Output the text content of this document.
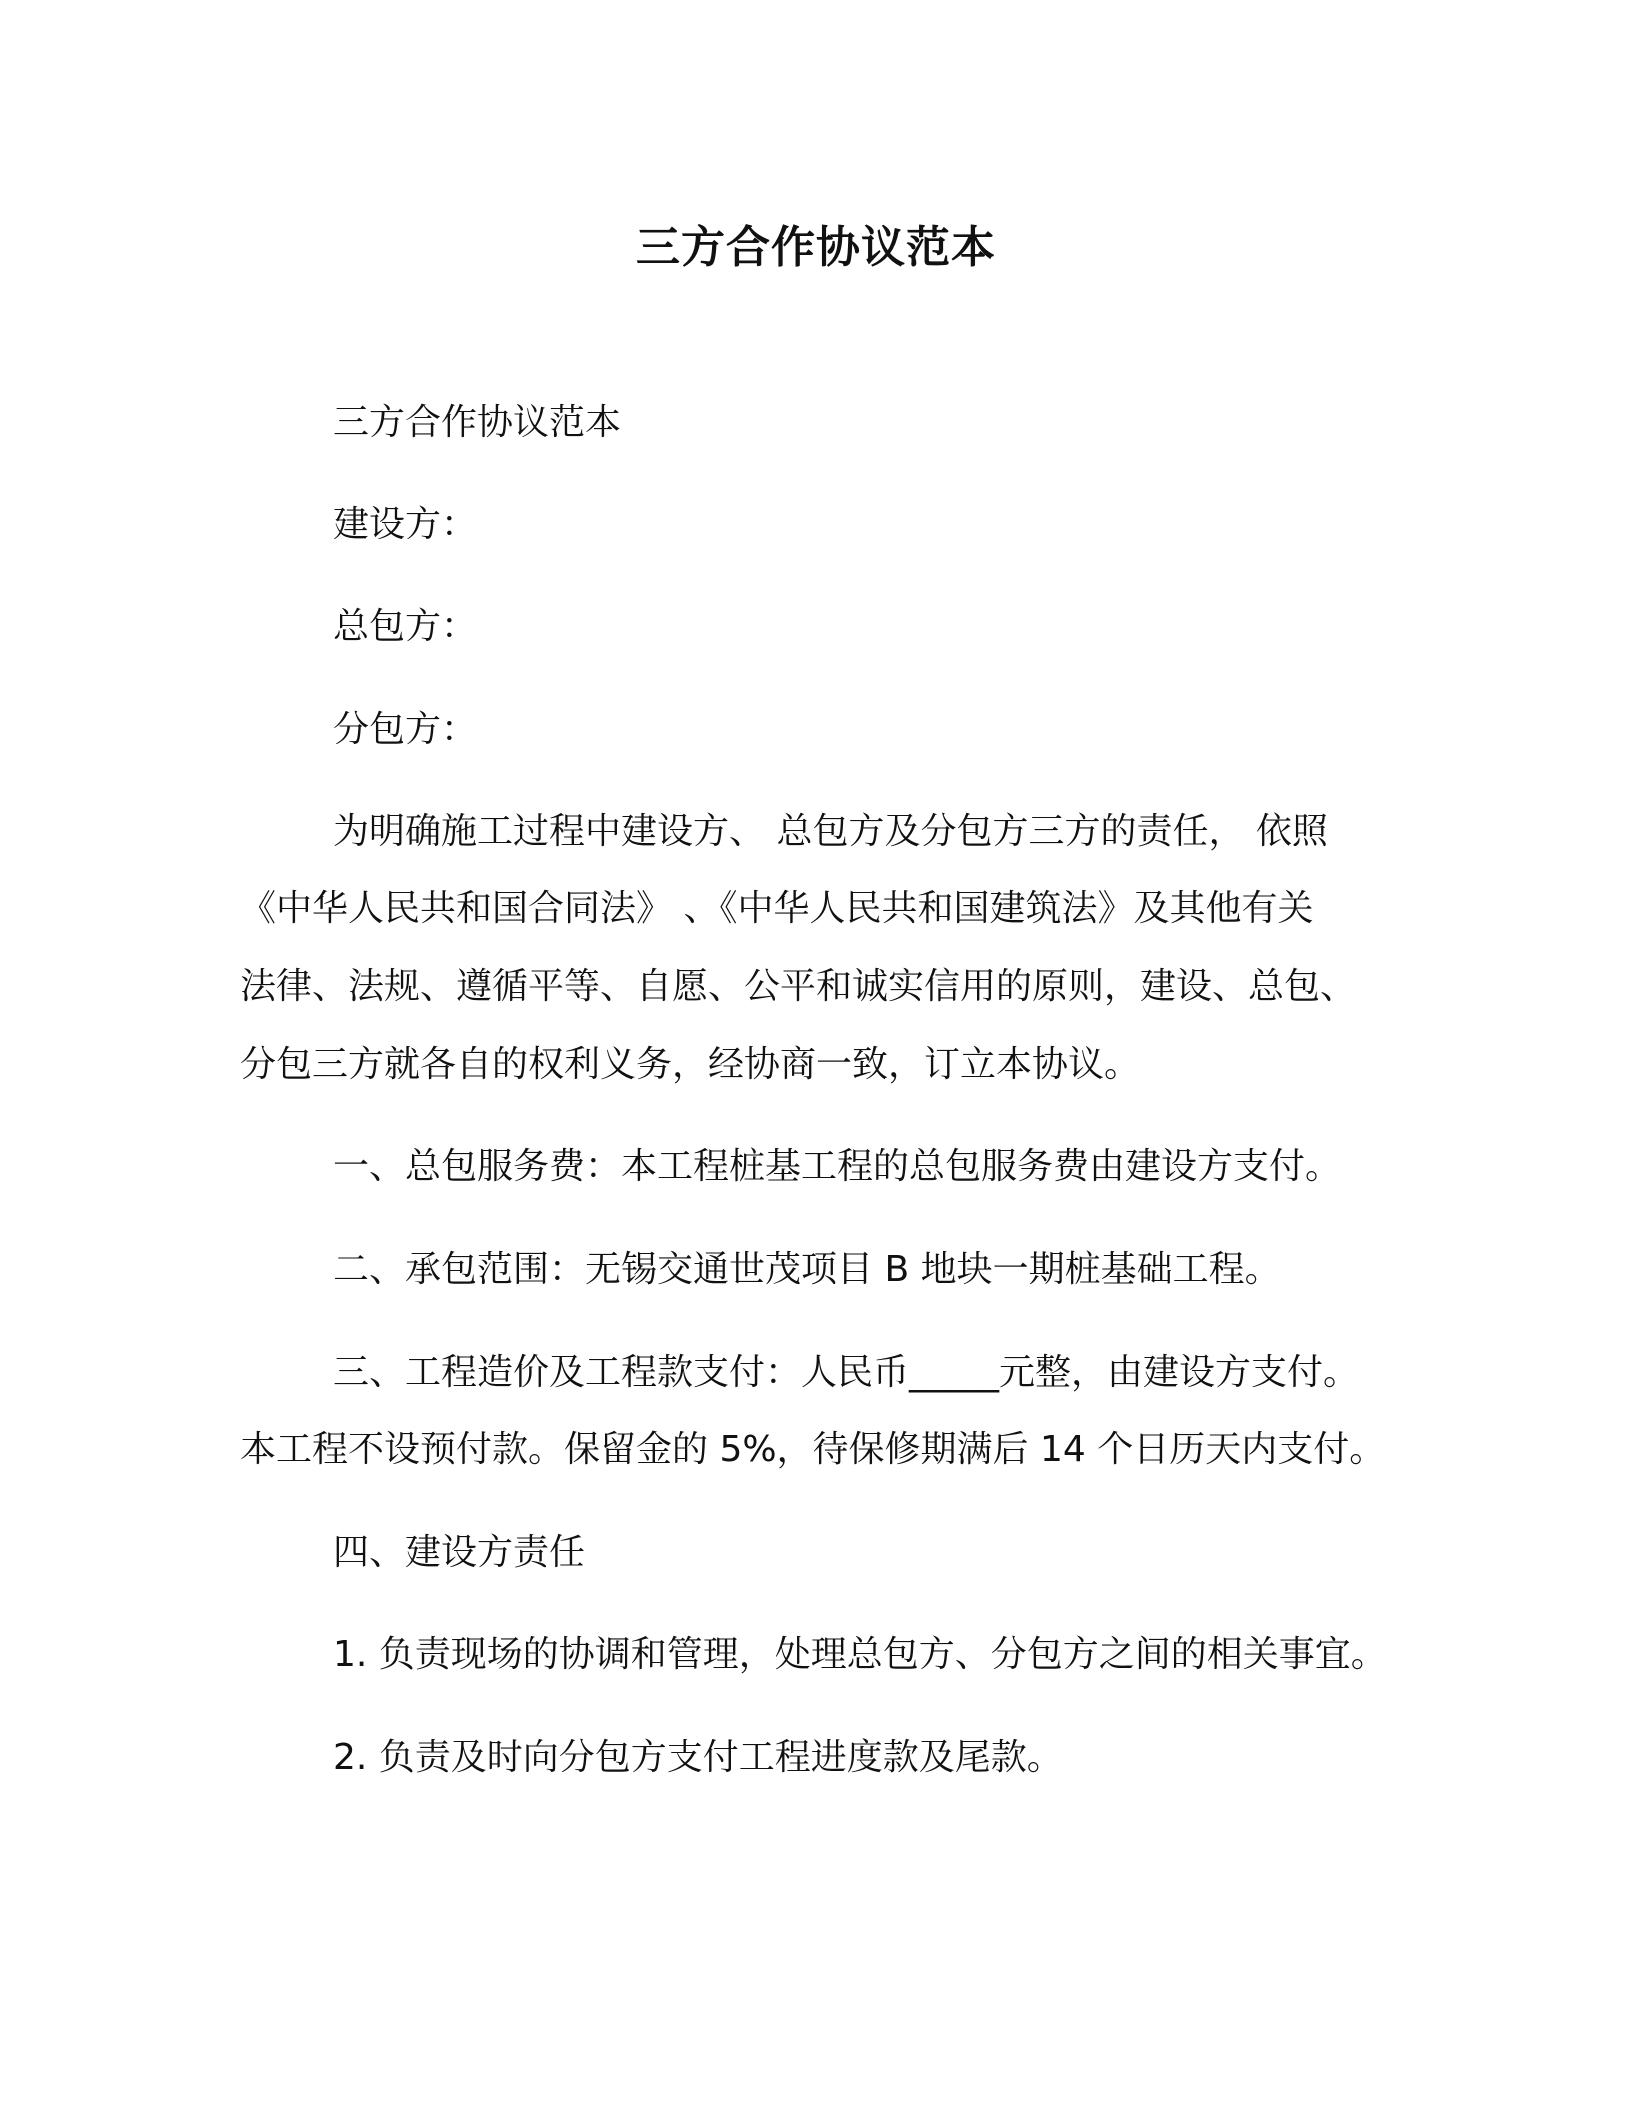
三方合作协议范本
三方合作协议范本
建设方：
总包方：
分包方：
为明确施工过程中建设方、 总包方及分包方三方的责任， 依照
《中华人民共和国合同法》 、《中华人民共和国建筑法》及其他有关
法律、法规、遵循平等、自愿、公平和诚实信用的原则，建设、总包、
分包三方就各自的权利义务，经协商一致，订立本协议。
一、总包服务费：本工程桩基工程的总包服务费由建设方支付。
二、承包范围：无锡交通世茂项目 B 地块一期桩基础工程。
三、工程造价及工程款支付：人民币_____元整，由建设方支付。
本工程不设预付款。保留金的 5%，待保修期满后 14 个日历天内支付。
四、建设方责任
1. 负责现场的协调和管理，处理总包方、分包方之间的相关事宜。
2. 负责及时向分包方支付工程进度款及尾款。
